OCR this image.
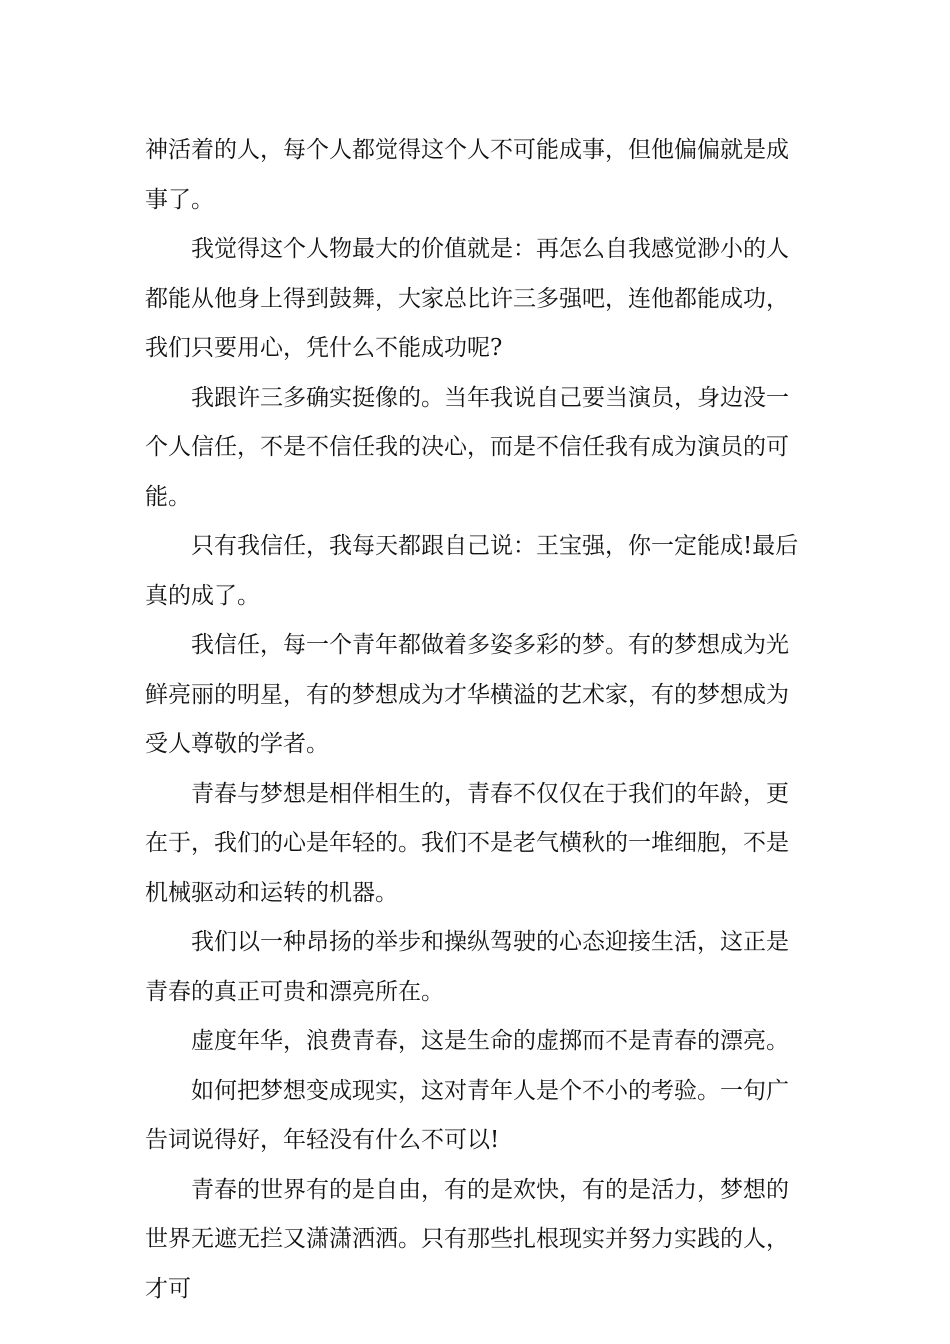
神活着的人，每个人都觉得这个人不可能成事，但他偏偏就是成事了。

我觉得这个人物最大的价值就是：再怎么自我感觉渺小的人都能从他身上得到鼓舞，大家总比许三多强吧，连他都能成功，我们只要用心，凭什么不能成功呢?

我跟许三多确实挺像的。当年我说自己要当演员，身边没一个人信任，不是不信任我的决心，而是不信任我有成为演员的可能。

只有我信任，我每天都跟自己说：王宝强，你一定能成!最后真的成了。

我信任，每一个青年都做着多姿多彩的梦。有的梦想成为光鲜亮丽的明星，有的梦想成为才华横溢的艺术家，有的梦想成为受人尊敬的学者。

青春与梦想是相伴相生的，青春不仅仅在于我们的年龄，更在于，我们的心是年轻的。我们不是老气横秋的一堆细胞，不是机械驱动和运转的机器。

我们以一种昂扬的举步和操纵驾驶的心态迎接生活，这正是青春的真正可贵和漂亮所在。

虚度年华，浪费青春，这是生命的虚掷而不是青春的漂亮。

如何把梦想变成现实，这对青年人是个不小的考验。一句广告词说得好，年轻没有什么不可以!

青春的世界有的是自由，有的是欢快，有的是活力，梦想的世界无遮无拦又潇潇洒洒。只有那些扎根现实并努力实践的人，才可
